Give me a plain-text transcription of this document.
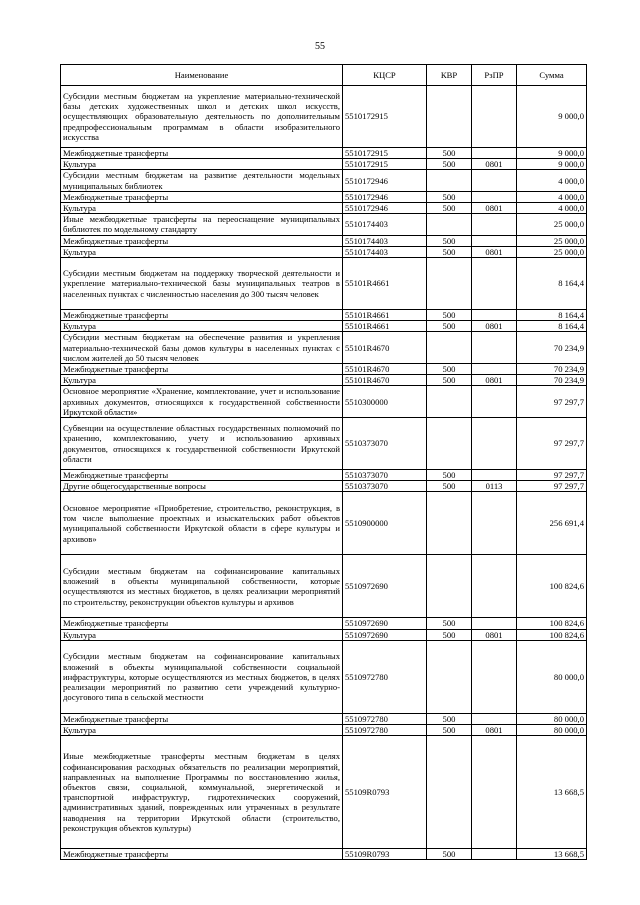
55
Наименование	КЦСР	КВР	РзПР	Сумма
Субсидии местным бюджетам на укрепление материально-технической базы детских художественных школ и детских школ искусств, осуществляющих образовательную деятельность по дополнительным предпрофессиональным программам в области изобразительного искусства	5510172915			9 000,0
Межбюджетные трансферты	5510172915	500		9 000,0
Культура	5510172915	500	0801	9 000,0
Субсидии местным бюджетам на развитие деятельности модельных муниципальных библиотек	5510172946			4 000,0
Межбюджетные трансферты	5510172946	500		4 000,0
Культура	5510172946	500	0801	4 000,0
Иные межбюджетные трансферты на переоснащение муниципальных библиотек по модельному стандарту	5510174403			25 000,0
Межбюджетные трансферты	5510174403	500		25 000,0
Культура	5510174403	500	0801	25 000,0
Субсидии местным бюджетам на поддержку творческой деятельности и укрепление материально-технической базы муниципальных театров в населенных пунктах с численностью населения до 300 тысяч человек	55101R4661			8 164,4
Межбюджетные трансферты	55101R4661	500		8 164,4
Культура	55101R4661	500	0801	8 164,4
Субсидии местным бюджетам на обеспечение развития и укрепления материально-технической базы домов культуры в населенных пунктах с числом жителей до 50 тысяч человек	55101R4670			70 234,9
Межбюджетные трансферты	55101R4670	500		70 234,9
Культура	55101R4670	500	0801	70 234,9
Основное мероприятие «Хранение, комплектование, учет и использование архивных документов, относящихся к государственной собственности Иркутской области»	5510300000			97 297,7
Субвенции на осуществление областных государственных полномочий по хранению, комплектованию, учету и использованию архивных документов, относящихся к государственной собственности Иркутской области	5510373070			97 297,7
Межбюджетные трансферты	5510373070	500		97 297,7
Другие общегосударственные вопросы	5510373070	500	0113	97 297,7
Основное мероприятие «Приобретение, строительство, реконструкция, в том числе выполнение проектных и изыскательских работ объектов муниципальной собственности Иркутской области в сфере культуры и архивов»	5510900000			256 691,4
Субсидии местным бюджетам на софинансирование капитальных вложений в объекты муниципальной собственности, которые осуществляются из местных бюджетов, в целях реализации мероприятий по строительству, реконструкции объектов культуры и архивов	5510972690			100 824,6
Межбюджетные трансферты	5510972690	500		100 824,6
Культура	5510972690	500	0801	100 824,6
Субсидии местным бюджетам на софинансирование капитальных вложений в объекты муниципальной собственности социальной инфраструктуры, которые осуществляются из местных бюджетов, в целях реализации мероприятий по развитию сети учреждений культурно-досугового типа в сельской местности	5510972780			80 000,0
Межбюджетные трансферты	5510972780	500		80 000,0
Культура	5510972780	500	0801	80 000,0
Иные межбюджетные трансферты местным бюджетам в целях софинансирования расходных обязательств по реализации мероприятий, направленных на выполнение Программы по восстановлению жилья, объектов связи, социальной, коммунальной, энергетической и транспортной инфраструктур, гидротехнических сооружений, административных зданий, поврежденных или утраченных в результате наводнения на территории Иркутской области (строительство, реконструкция объектов культуры)	55109R0793			13 668,5
Межбюджетные трансферты	55109R0793	500		13 668,5
